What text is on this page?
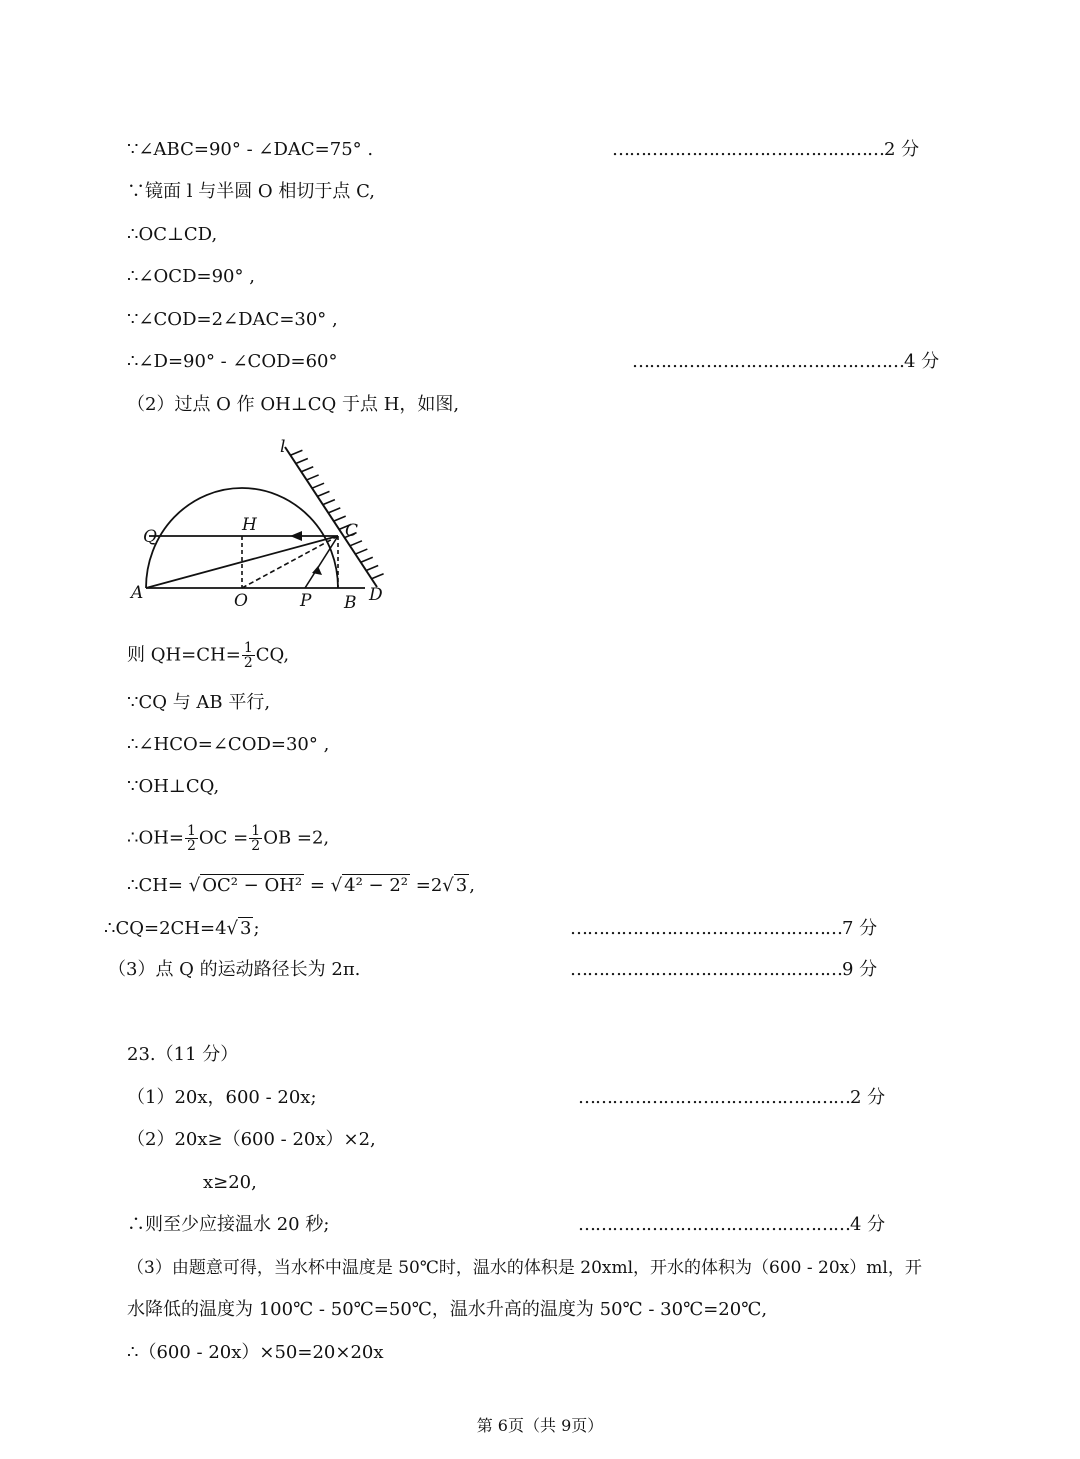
∵∠ABC=90° - ∠DAC=75° .	…………………………………………2 分
∵镜面 l 与半圆 O 相切于点 C,
∴OC⊥CD,
∴∠OCD=90° ,
∵∠COD=2∠DAC=30° ,
∴∠D=90° - ∠COD=60°	…………………………………………4 分
（2）过点 O 作 OH⊥CQ 于点 H，如图,
l
Q
H	C
A	O	P B D
则 $QH=CH= \frac{1}{2}$ CQ,
∵CQ 与 AB 平行,
∴∠HCO=∠COD=30° ,
∵OH⊥CQ,
∴OH= $\frac{1}{2}$ OC = $\frac{1}{2}$ OB =2,
∴CH= √ OC² − OH² = √ 4² − 2² =2√ 3 ,
∴CQ=2CH=4√ 3 ;	…………………………………………7 分
（3）点 Q 的运动路径长为 2π.	…………………………………………9 分
23.（11 分）
（1）20x，600 - 20x;	…………………………………………2 分
（2）20x≥（600 - 20x）×2,
x≥20,
∴则至少应接温水 20 秒;	…………………………………………4 分
（3）由题意可得，当水杯中温度是 50℃时，温水的体积是 20xml，开水的体积为（600 - 20x）ml，开
水降低的温度为 100℃ - 50℃=50℃，温水升高的温度为 50℃ - 30℃=20℃,
∴（600 - 20x）×50=20×20x
第 6页（共 9页）
